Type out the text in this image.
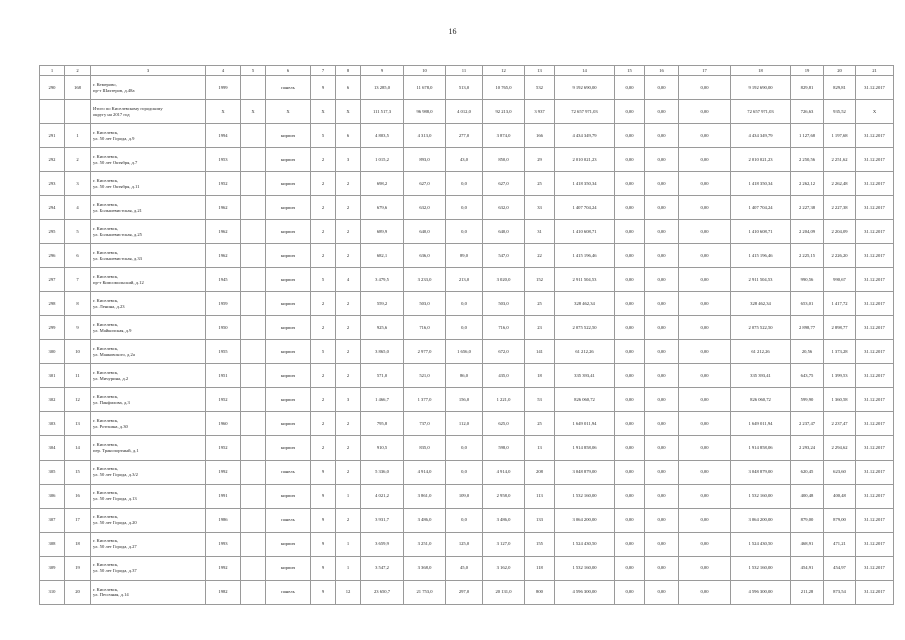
16
1	2	3	4	5	6	7	8	9	10	11	12	13	14	15	16	17	18	19	20	21
290	168	г. Кемерово,
пр-т Шахтеров, д.48а	1999		панель	9	6	13 285,0	11 678,0	513,0	10 765,0	532	9 192 690,00	0,00	0,00	0,00	9 192 690,00	829,81	829,81	31.12.2017
		Итого по Киселевскому городскому
округу на 2017 год	X	X	X	X	X	111 517,3	96 988,0	4 012,0	92 213,0	3 937	72 657 971,03	0,00	0,00	0,00	72 657 971,03	726,63	935,52	X
291	1	г. Киселевск,
ул. 50 лет Города, д.9	1994		кирпич	5	6	4 803,5	4 313,0	277,0	3 874,0	166	4 434 349,79	0,00	0,00	0,00	4 434 349,79	1 127,68	1 197,68	31.12.2017
292	2	г. Киселевск,
ул. 50 лет Октября, д.7	1953		кирпич	2	3	1 015,2	893,0	43,0	850,0	29	2 010 021,23	0,00	0,00	0,00	2 010 021,23	2 250,56	2 251,62	31.12.2017
293	3	г. Киселевск,
ул. 50 лет Октября, д.11	1952		кирпич	2	2	698,2	627,0	0,0	627,0	25	1 418 350,34	0,00	0,00	0,00	1 418 350,34	2 262,12	2 262,48	31.12.2017
294	4	г. Киселевск,
ул. Большевистская, д.21	1962		кирпич	2	2	679,6	632,0	0,0	632,0	33	1 407 704,24	0,00	0,00	0,00	1 407 704,24	2 227,38	2 227,38	31.12.2017
295	5	г. Киселевск,
ул. Большевистская, д.25	1962		кирпич	2	2	689,9	640,0	0,0	640,0	31	1 410 608,71	0,00	0,00	0,00	1 410 608,71	2 204,09	2 204,09	31.12.2017
296	6	г. Киселевск,
ул. Большевистская, д.33	1962		кирпич	2	2	682,1	636,0	89,0	547,0	22	1 415 196,46	0,00	0,00	0,00	1 415 196,46	2 225,15	2 226,20	31.12.2017
297	7	г. Киселевск,
пр-т Комсомольский, д.12	1945		кирпич	5	4	3 479,5	3 233,0	213,0	3 020,0	152	2 911 504,53	0,00	0,00	0,00	2 911 504,53	990,56	990,67	31.12.2017
298	8	г. Киселевск,
ул. Ленина, д.23	1959		кирпич	2	2	559,2	503,0	0,0	503,0	25	328 462,34	0,00	0,00	0,00	328 462,34	653,01	1 417,72	31.12.2017
299	9	г. Киселевск,
ул. Майкопская, д.9	1950		кирпич	2	2	925,6	716,0	0,0	716,0	23	2 075 522,50	0,00	0,00	0,00	2 075 522,50	2 898,77	2 898,77	31.12.2017
300	10	г. Киселевск,
ул. Маяковского, д.2а	1955		кирпич	5	2	3 865,0	2 977,0	1 656,0	672,0	141	61 212,26	0,00	0,00	0,00	61 212,26	20,56	1 373,28	31.12.2017
301	11	г. Киселевск,
ул. Мичурина, д.2	1951		кирпич	2	2	571,0	521,0	86,0	435,0	18	335 393,41	0,00	0,00	0,00	335 393,41	643,75	1 399,53	31.12.2017
302	12	г. Киселевск,
ул. Панфилова, д.3	1952		кирпич	2	3	1 466,7	1 377,0	156,0	1 221,0	53	826 060,72	0,00	0,00	0,00	826 060,72	599,90	1 360,58	31.12.2017
303	13	г. Киселевск,
ул. Ротгкина, д.30	1960		кирпич	2	2	795,8	737,0	112,0	625,0	25	1 649 011,94	0,00	0,00	0,00	1 649 011,94	2 237,47	2 237,47	31.12.2017
304	14	г. Киселевск,
пер. Транспортный, д.1	1952		кирпич	2	2	910,5	835,0	0,0	598,0	13	1 914 858,06	0,00	0,00	0,00	1 914 858,06	2 293,24	2 294,62	31.12.2017
305	15	г. Киселевск,
ул. 50 лет Города, д.3/2	1992		панель	9	2	5 336,0	4 914,0	0,0	4 914,0	208	3 048 879,00	0,00	0,00	0,00	3 048 879,00	620,45	623,60	31.12.2017
306	16	г. Киселевск,
ул. 50 лет Города, д.13	1991		кирпич	9	1	4 021,2	3 861,0	109,0	2 958,0	113	1 532 160,00	0,00	0,00	0,00	1 532 160,00	400,48	400,48	31.12.2017
307	17	г. Киселевск,
ул. 50 лет Города, д.20	1986		панель	9	2	3 931,7	3 486,0	0,0	3 486,0	133	3 064 200,00	0,00	0,00	0,00	3 064 200,00	879,00	879,00	31.12.2017
308	18	г. Киселевск,
ул. 50 лет Города, д.27	1993		кирпич	9	1	3 659,9	3 251,0	125,0	3 127,0	155	1 524 430,50	0,00	0,00	0,00	1 524 430,50	468,91	471,21	31.12.2017
309	19	г. Киселевск,
ул. 50 лет Города, д.37	1992		кирпич	9	1	3 547,2	3 368,0	45,0	3 162,0	118	1 532 160,00	0,00	0,00	0,00	1 532 160,00	454,91	454,97	31.12.2017
310	20	г. Киселевск,
ул. Песочная, д.14	1982		панель	9	12	23 650,7	21 753,0	297,0	20 131,0	800	4 596 300,00	0,00	0,00	0,00	4 596 300,00	211,28	873,54	31.12.2017
